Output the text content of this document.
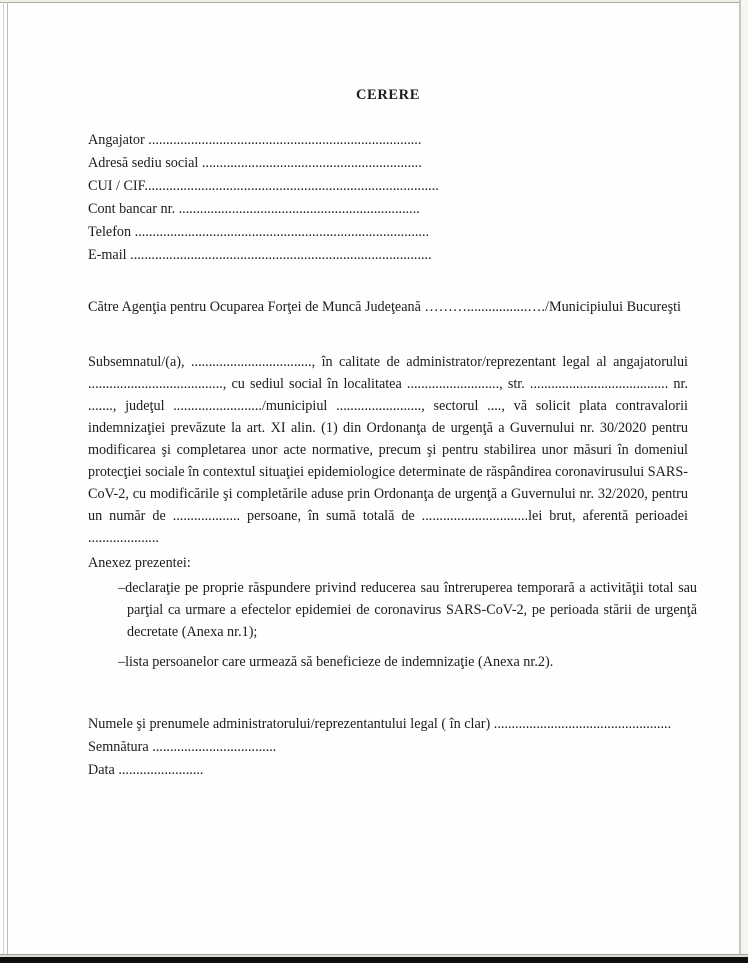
CERERE
Angajator .............................................................................
Adresă sediu social ..............................................................
CUI / CIF...................................................................................
Cont bancar nr. ....................................................................
Telefon ...................................................................................
E-mail .....................................................................................
Către Agenţia pentru Ocuparea Forţei de Muncă Judeţeană ……….................…./Municipiului Bucureşti

Subsemnatul/(a), .................................., în calitate de administrator/reprezentant legal al angajatorului ......................................, cu sediul social în localitatea .........................., str. ....................................... nr. ......., judeţul ........................./municipiul ........................, sectorul ...., vă solicit plata contravalorii indemnizaţiei prevăzute la art. XI alin. (1) din Ordonanţa de urgenţă a Guvernului nr. 30/2020 pentru modificarea şi completarea unor acte normative, precum şi pentru stabilirea unor măsuri în domeniul protecţiei sociale în contextul situaţiei epidemiologice determinate de răspândirea coronavirusului SARS-CoV-2, cu modificările şi completările aduse prin Ordonanţa de urgenţă a Guvernului nr. 32/2020, pentru un număr de ................... persoane, în sumă totală de ..............................lei brut, aferentă perioadei ....................

Anexez prezentei:
–declaraţie pe proprie răspundere privind reducerea sau întreruperea temporară a activităţii total sau parţial ca urmare a efectelor epidemiei de coronavirus SARS-CoV-2, pe perioada stării de urgenţă decretate (Anexa nr.1);
–lista persoanelor care urmează să beneficieze de indemnizaţie (Anexa nr.2).
Numele şi prenumele administratorului/reprezentantului legal ( în clar) ..................................................
Semnătura ...................................
Data ........................
